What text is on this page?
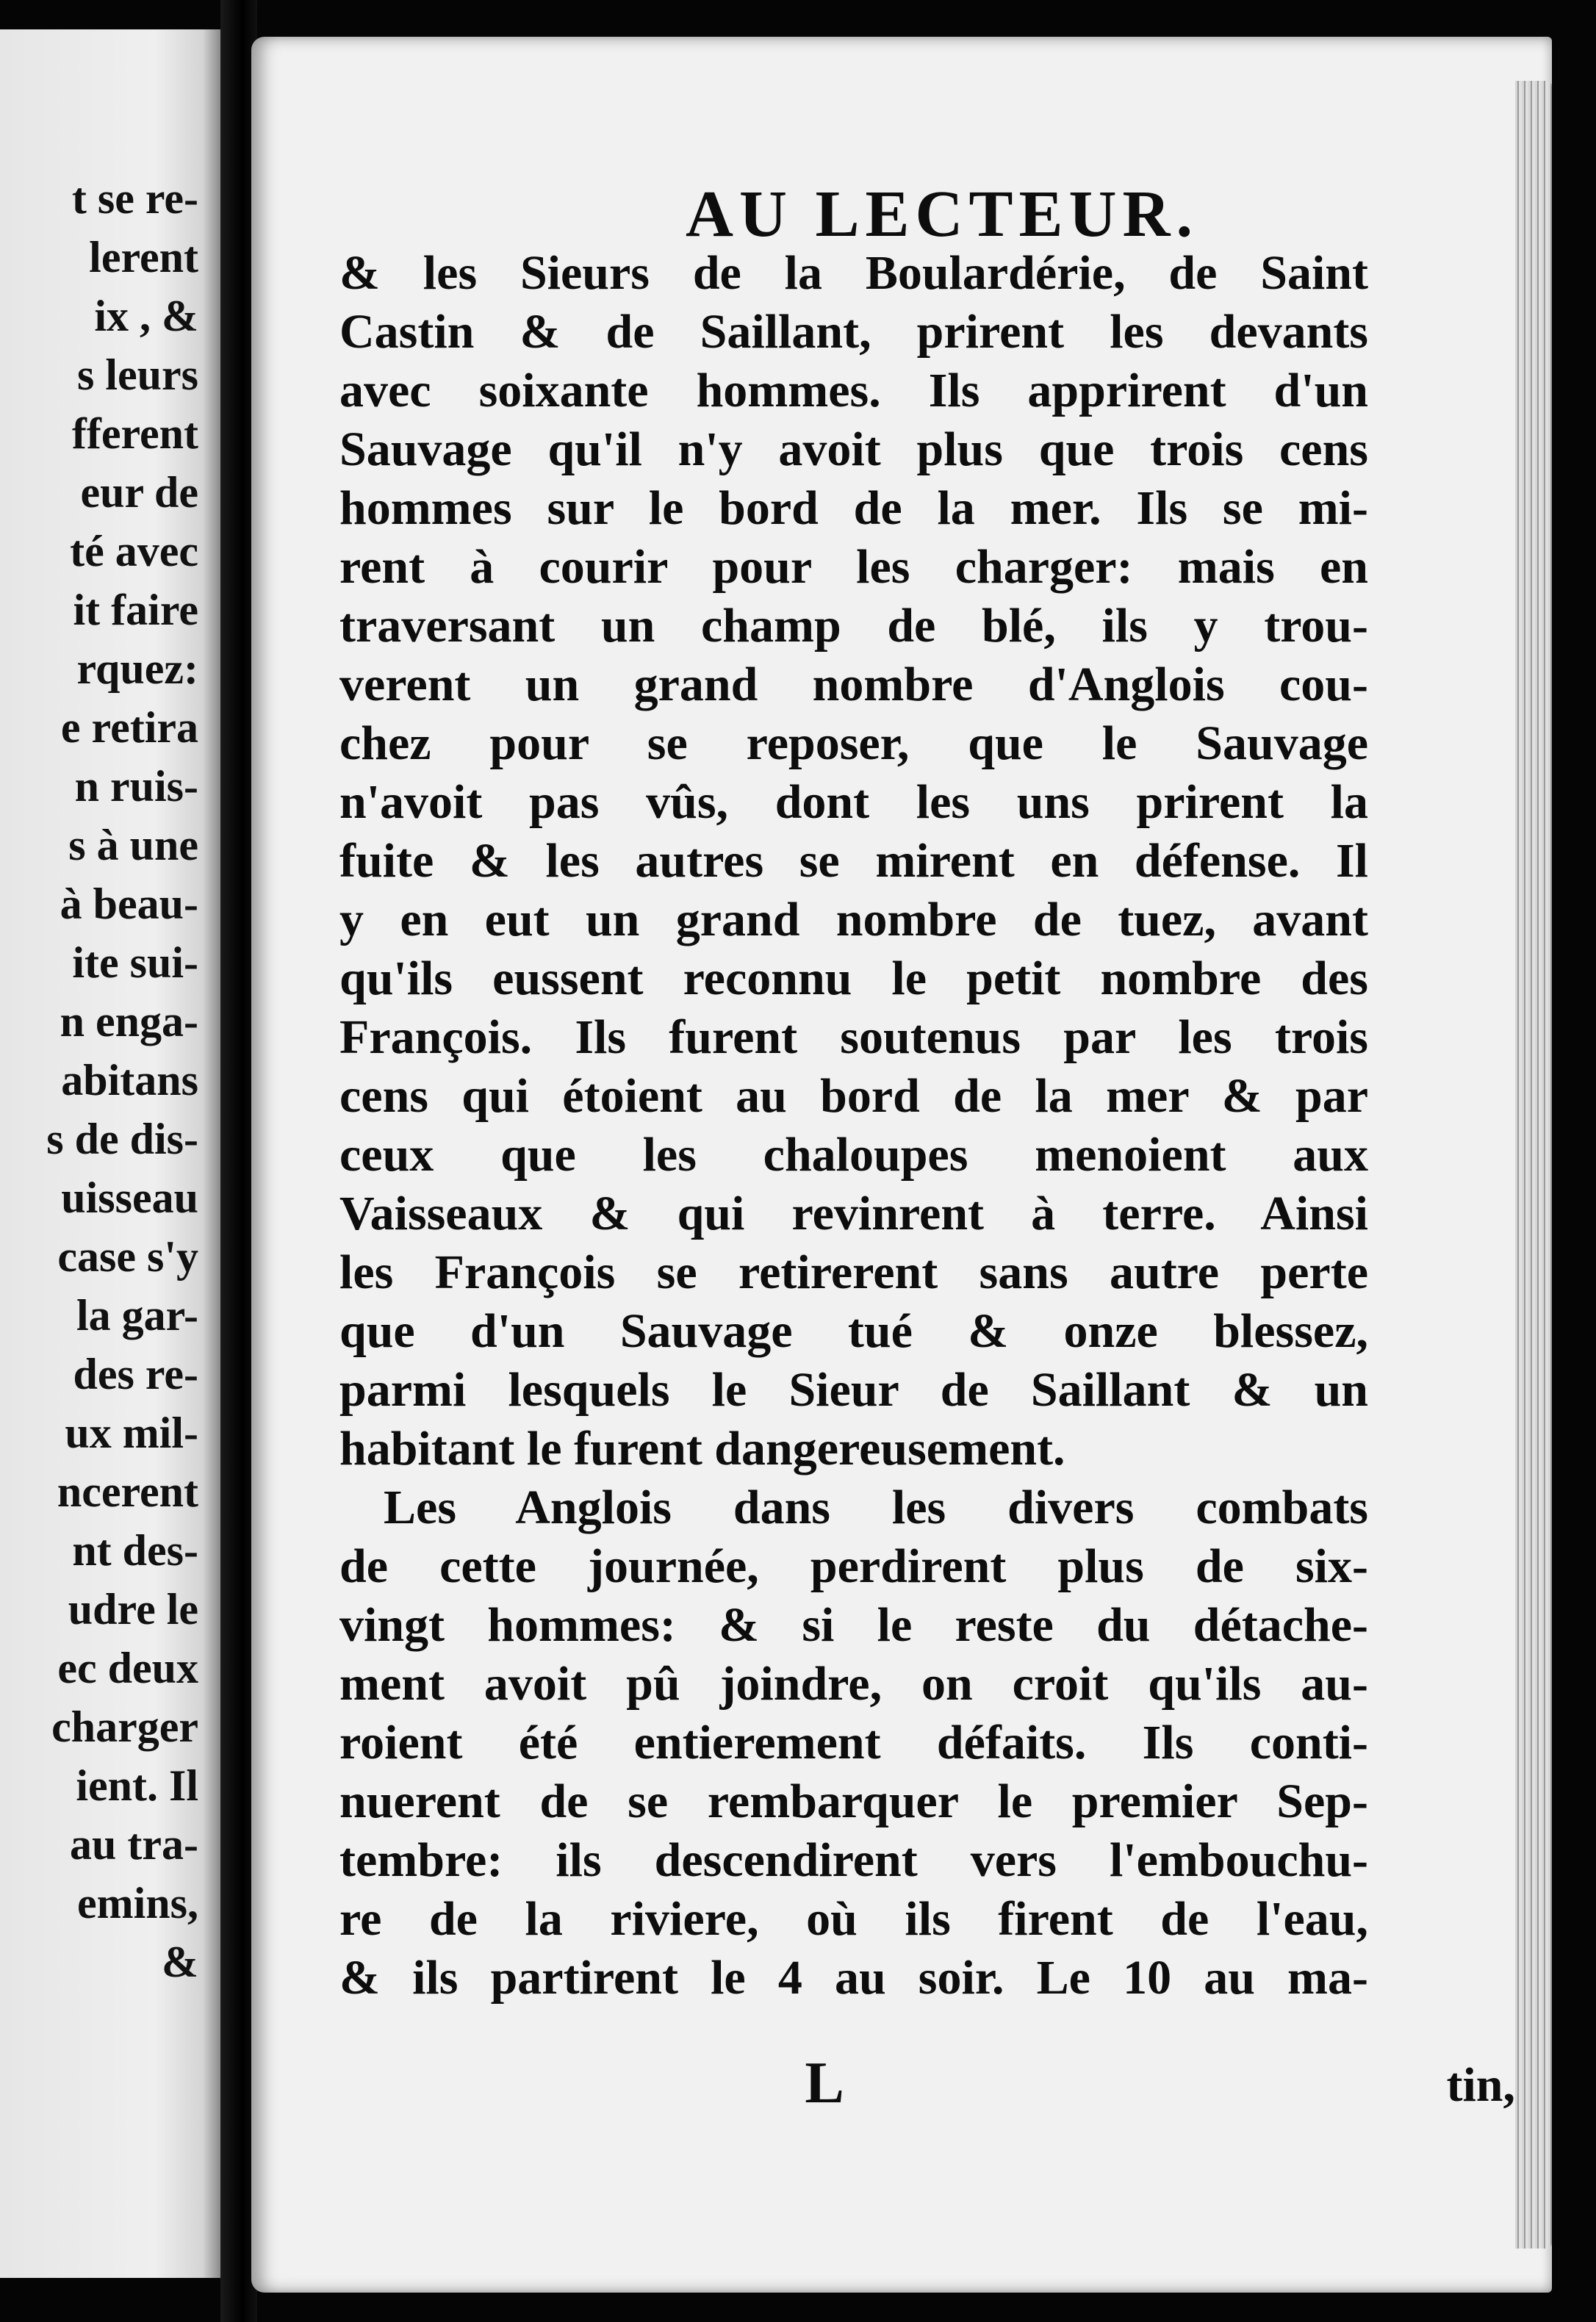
t se re-
lerent
ix , &
s leurs
fferent
eur de
té avec
it faire
rquez:
e retira
n ruis-
s à une
à beau-
ite sui-
n enga-
abitans
s de dis-
uisseau
case s'y
la gar-
des re-
ux mil-
ncerent
nt des-
udre le
ec deux
charger
ient. Il
au tra-
emins,
&
AU LECTEUR.
& les Sieurs de la Boulardérie, de Saint
Castin & de Saillant, prirent les devants
avec soixante hommes. Ils apprirent d'un
Sauvage qu'il n'y avoit plus que trois cens
hommes sur le bord de la mer. Ils se mi-
rent à courir pour les charger: mais en
traversant un champ de blé, ils y trou-
verent un grand nombre d'Anglois cou-
chez pour se reposer, que le Sauvage
n'avoit pas vûs, dont les uns prirent la
fuite & les autres se mirent en défense. Il
y en eut un grand nombre de tuez, avant
qu'ils eussent reconnu le petit nombre des
François. Ils furent soutenus par les trois
cens qui étoient au bord de la mer & par
ceux que les chaloupes menoient aux
Vaisseaux & qui revinrent à terre. Ainsi
les François se retirerent sans autre perte
que d'un Sauvage tué & onze blessez,
parmi lesquels le Sieur de Saillant & un
habitant le furent dangereusement.
Les Anglois dans les divers combats
de cette journée, perdirent plus de six-
vingt hommes: & si le reste du détache-
ment avoit pû joindre, on croit qu'ils au-
roient été entierement défaits. Ils conti-
nuerent de se rembarquer le premier Sep-
tembre: ils descendirent vers l'embouchu-
re de la riviere, où ils firent de l'eau,
& ils partirent le 4 au soir. Le 10 au ma-
L	tin,
